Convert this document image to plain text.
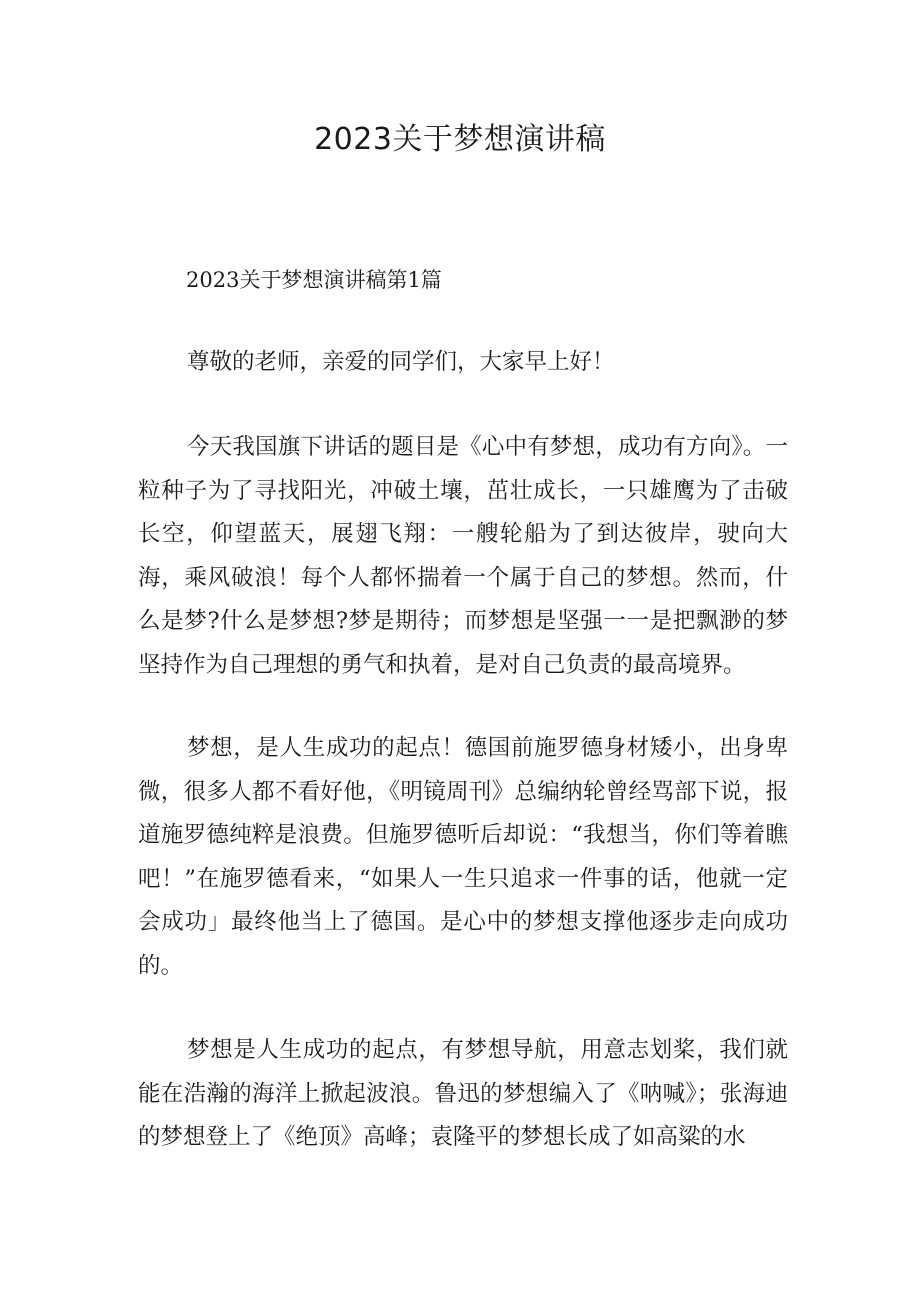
2023关于梦想演讲稿

2023关于梦想演讲稿第1篇

尊敬的老师，亲爱的同学们，大家早上好！

今天我国旗下讲话的题目是《心中有梦想，成功有方向》。一粒种子为了寻找阳光，冲破土壤，茁壮成长，一只雄鹰为了击破长空，仰望蓝天，展翅飞翔：一艘轮船为了到达彼岸，驶向大海，乘风破浪！每个人都怀揣着一个属于自己的梦想。然而，什么是梦?什么是梦想?梦是期待；而梦想是坚强一一是把飘渺的梦坚持作为自己理想的勇气和执着，是对自己负责的最高境界。

梦想，是人生成功的起点！德国前施罗德身材矮小，出身卑微，很多人都不看好他，《明镜周刊》总编纳轮曾经骂部下说，报道施罗德纯粹是浪费。但施罗德听后却说：“我想当，你们等着瞧吧！”在施罗德看来，“如果人一生只追求一件事的话，他就一定会成功」最终他当上了德国。是心中的梦想支撑他逐步走向成功的。

梦想是人生成功的起点，有梦想导航，用意志划桨，我们就能在浩瀚的海洋上掀起波浪。鲁迅的梦想编入了《呐喊》；张海迪的梦想登上了《绝顶》高峰；袁隆平的梦想长成了如高粱的水
